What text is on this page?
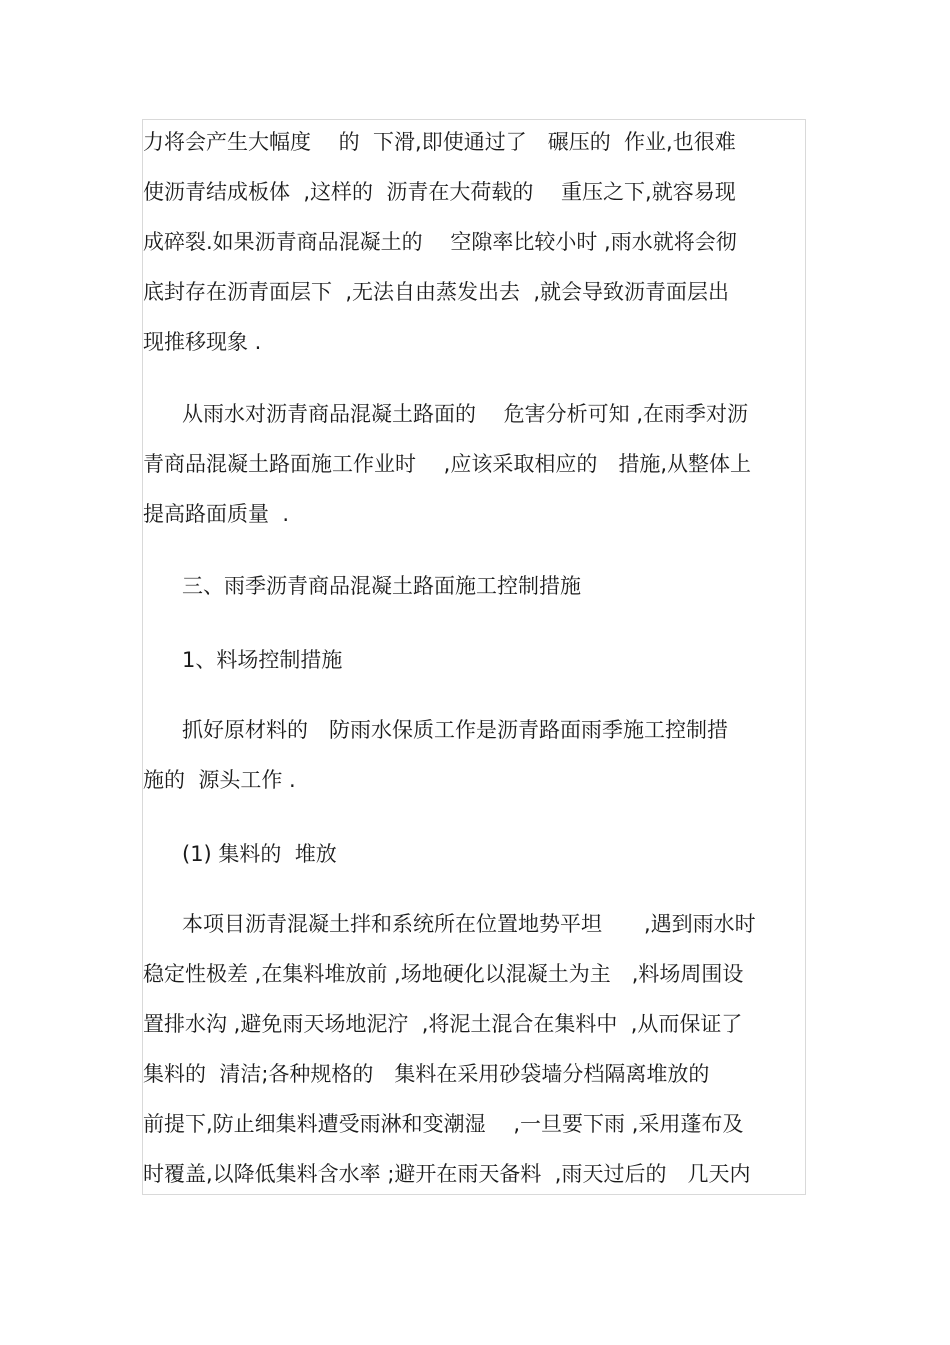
力将会产生大幅度　 的  下滑,即使通过了　碾压的  作业,也很难
使沥青结成板体  ,这样的  沥青在大荷载的　 重压之下,就容易现
成碎裂.如果沥青商品混凝土的　 空隙率比较小时 ,雨水就将会彻
底封存在沥青面层下  ,无法自由蒸发出去  ,就会导致沥青面层出
现推移现象 .
从雨水对沥青商品混凝土路面的　 危害分析可知 ,在雨季对沥
青商品混凝土路面施工作业时　 ,应该采取相应的　措施,从整体上
提高路面质量  .
三、雨季沥青商品混凝土路面施工控制措施
1、料场控制措施
抓好原材料的　防雨水保质工作是沥青路面雨季施工控制措
施的  源头工作 .
(1) 集料的  堆放
本项目沥青混凝土拌和系统所在位置地势平坦　　,遇到雨水时
稳定性极差 ,在集料堆放前 ,场地硬化以混凝土为主　,料场周围设
置排水沟 ,避免雨天场地泥泞  ,将泥土混合在集料中  ,从而保证了
集料的  清洁;各种规格的　集料在采用砂袋墙分档隔离堆放的
前提下,防止细集料遭受雨淋和变潮湿　 ,一旦要下雨 ,采用蓬布及
时覆盖,以降低集料含水率 ;避开在雨天备料  ,雨天过后的　几天内
